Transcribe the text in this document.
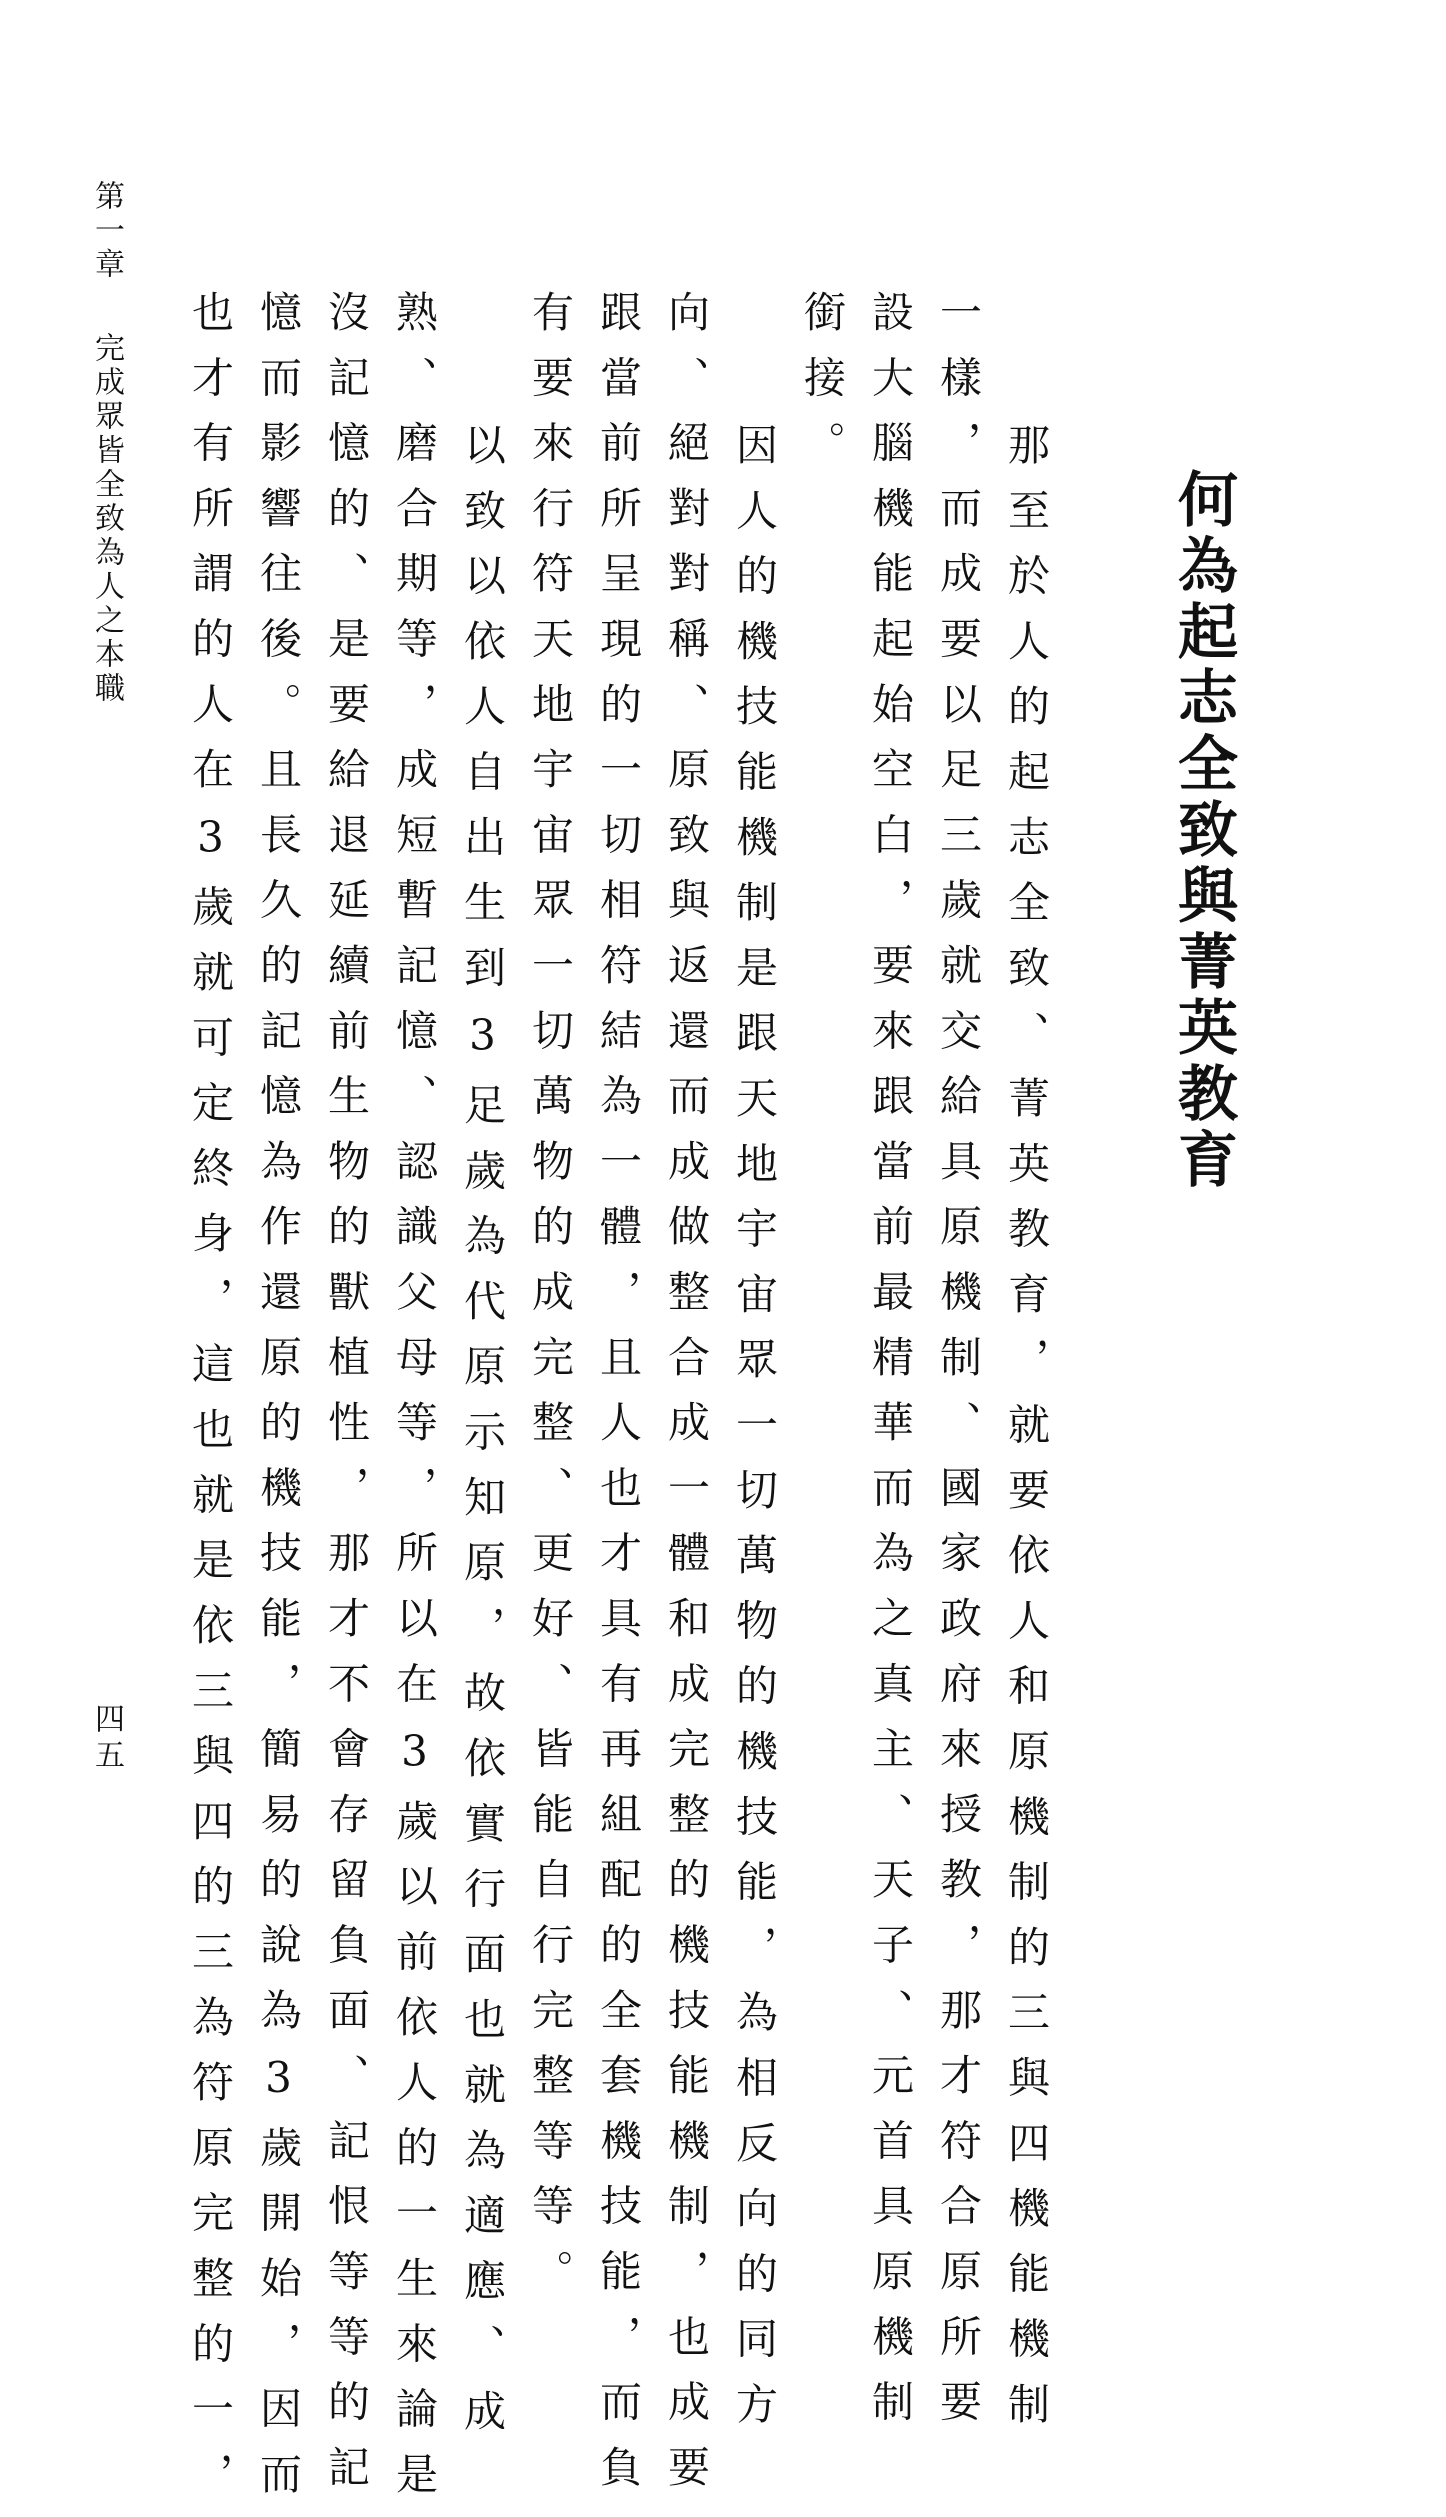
何為起志全致與菁英教育
那至於人的起志全致、菁英教育，就要依人和原機制的三與四機能機制
一樣，而成要以足三歲就交給具原機制、國家政府來授教，那才符合原所要
設大腦機能起始空白，要來跟當前最精華而為之真主、天子、元首具原機制
銜接。
因人的機技能機制是跟天地宇宙眾一切萬物的機技能，為相反向的同方
向、絕對對稱、原致與返還而成做整合成一體和成完整的機技能機制，也成要
跟當前所呈現的一切相符結為一體，且人也才具有再組配的全套機技能，而負
有要來行符天地宇宙眾一切萬物的成完整、更好、皆能自行完整等等。
以致以依人自出生到3足歲為代原示知原，故依實行面也就為適應、成
熟、磨合期等，成短暫記憶、認識父母等，所以在3歲以前依人的一生來論是
沒記憶的、是要給退延續前生物的獸植性，那才不會存留負面、記恨等等的記
憶而影響往後。且長久的記憶為作還原的機技能，簡易的說為3歲開始，因而
也才有所謂的人在3歲就可定終身，這也就是依三與四的三為符原完整的一，
第一章完成眾皆全致為人之本職
四五
